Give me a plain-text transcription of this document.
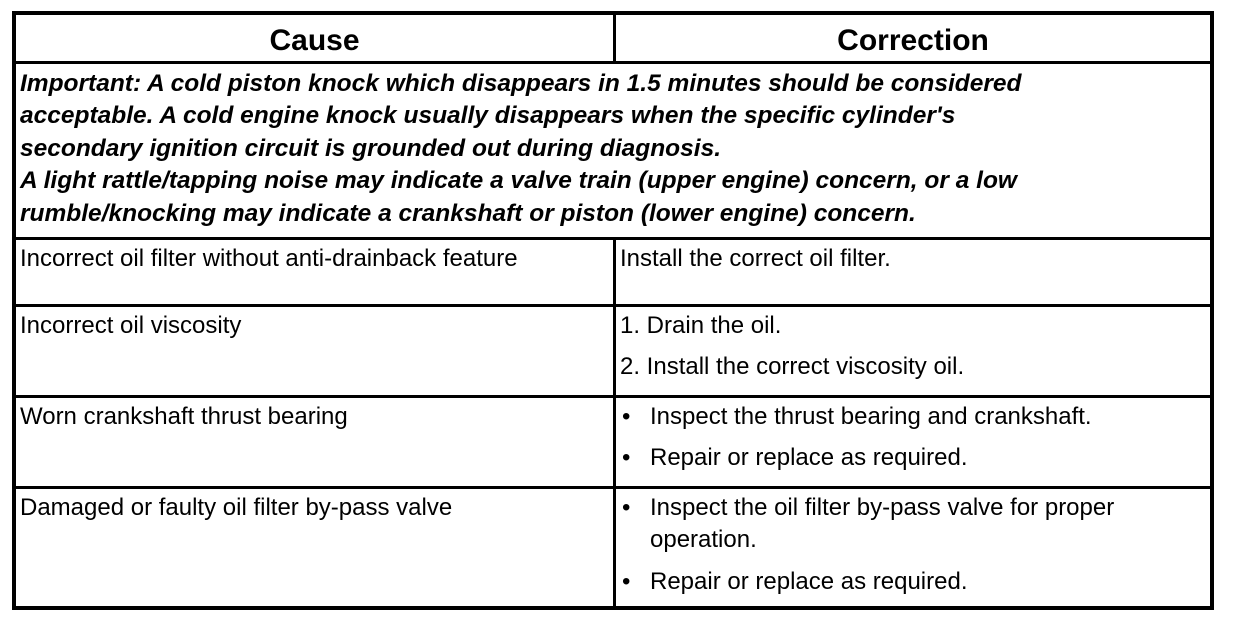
Cause	Correction
Important: A cold piston knock which disappears in 1.5 minutes should be considered
acceptable. A cold engine knock usually disappears when the specific cylinder's
secondary ignition circuit is grounded out during diagnosis.
A light rattle/tapping noise may indicate a valve train (upper engine) concern, or a low
rumble/knocking may indicate a crankshaft or piston (lower engine) concern.
Incorrect oil filter without anti-drainback feature	Install the correct oil filter.
Incorrect oil viscosity	1. Drain the oil.
2. Install the correct viscosity oil.
Worn crankshaft thrust bearing	• Inspect the thrust bearing and crankshaft.
• Repair or replace as required.
Damaged or faulty oil filter by-pass valve	• Inspect the oil filter by-pass valve for proper
operation.

• Repair or replace as required.
